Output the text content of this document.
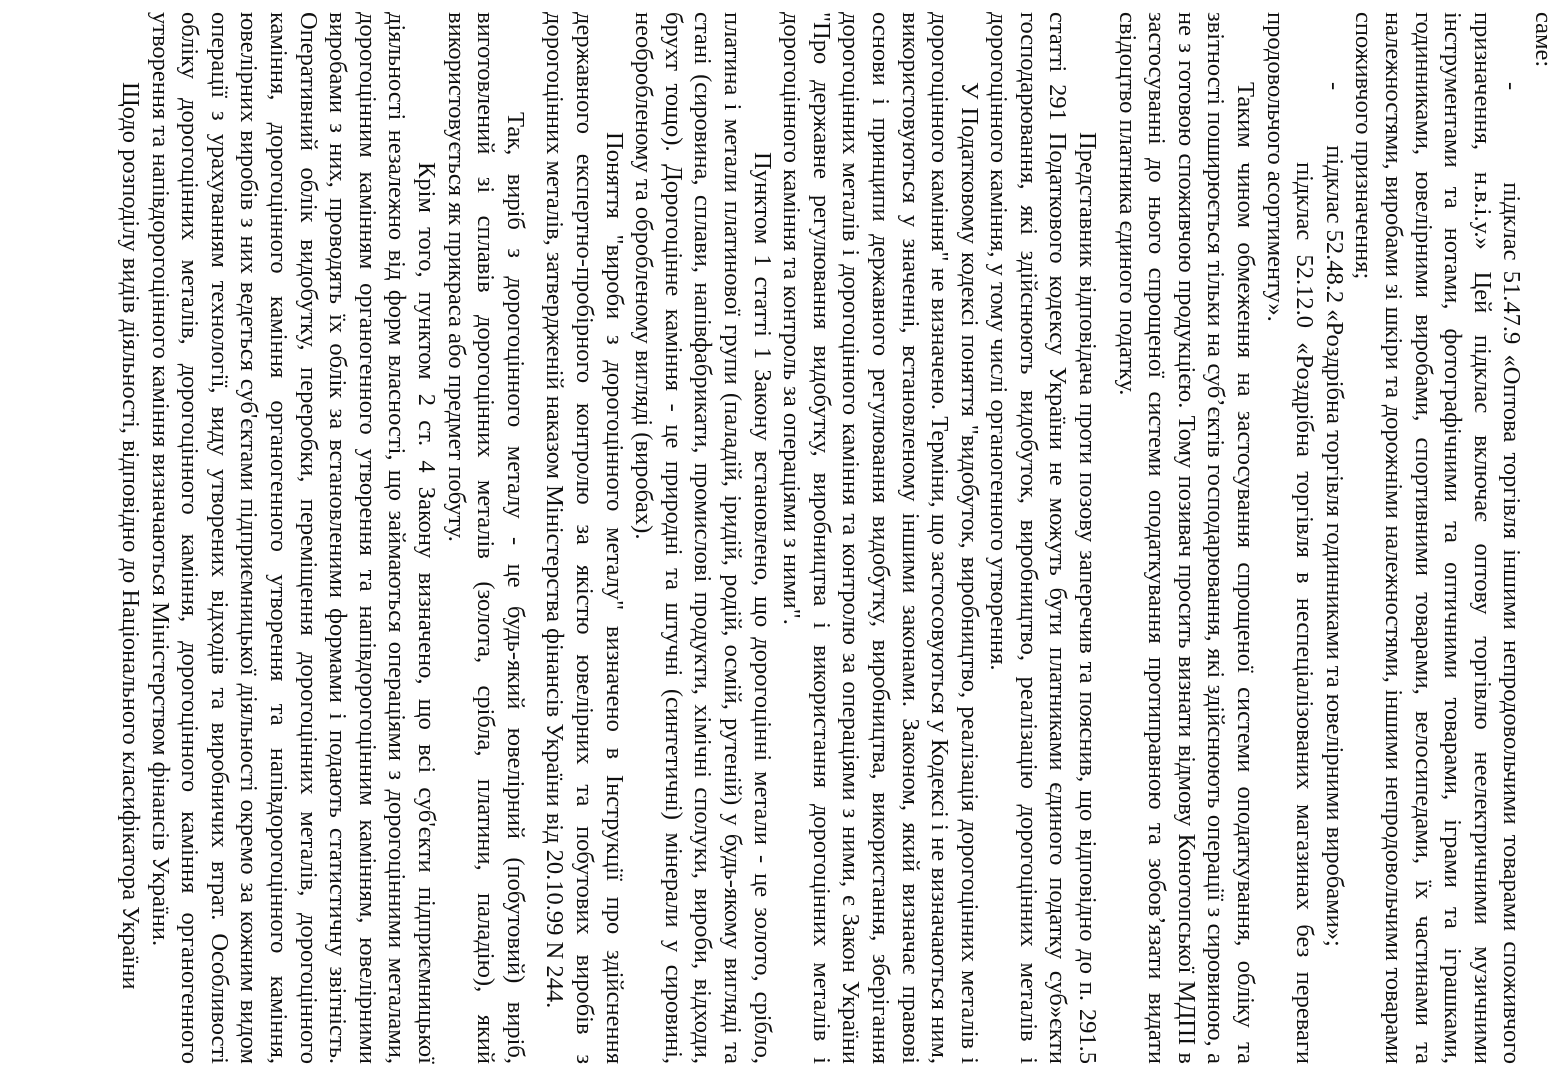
саме:

-         підклас 51.47.9 «Оптова торгівля іншими непродовольчими товарами споживчого призначення, н.в.і.у.» Цей підклас включає оптову торгівлю неелектричними музичними інструментами та нотами, фотографічними та оптичними товарами, іграми та іграшками, годинниками, ювелірними виробами, спортивними товарами, велосипедами, їх частинами та належностями, виробами зі шкіри та дорожніми належностями, іншими непродовольчими товарами споживчого призначення;

-         підклас 52.48.2 «Роздрібна торгівля годинниками та ювелірними виробами»;

підклас 52.12.0 «Роздрібна торгівля в неспеціалізованих магазинах без переваги продовольчого асортименту».

Таким чином обмеження на застосування спрощеної системи оподаткування, обліку та звітності поширюється тільки на суб’єктів господарювання, які здійснюють операції з сировиною, а не з готовою споживчою продукцією. Тому позивач просить визнати відмову Конотопської МДПІ в застосуванні до нього спрощеної системи оподаткування протиправною та зобов’язати видати свідоцтво платника єдиного податку.

Представник відповідача проти позову заперечив та пояснив, що відповідно до п. 291.5 статті 291 Податкового кодексу України не можуть бути платниками єдиного податку суб»єкти господарювання, які здійснюють видобуток, виробництво, реалізацію дорогоцінних металів і дорогоцінного каміння, у тому числі органогенного утворення.

У Податковому кодексі поняття "видобуток, виробництво, реалізація дорогоцінних металів і дорогоцінного каміння" не визначено. Терміни, що застосовуються у Кодексі і не визначаються ним, використовуються у значенні, встановленому іншими законами. Законом, який визначає правові основи і принципи державного регулювання видобутку, виробництва, використання, зберігання дорогоцінних металів і дорогоцінного каміння та контролю за операціями з ними, є Закон України "Про державне регулювання видобутку, виробництва і використання дорогоцінних металів і дорогоцінного каміння та контроль за операціями з ними".

Пунктом 1 статті 1 Закону встановлено, що дорогоцінні метали - це золото, срібло, платина і метали платинової групи (паладій, іридій, родій, осмій, рутеній) у будь-якому вигляді та стані (сировина, сплави, напівфабрикати, промислові продукти, хімічні сполуки, вироби, відходи, брухт тощо). Дорогоцінне каміння - це природні та штучні (синтетичні) мінерали у сировині, необробленому та обробленому вигляді (виробах).

Поняття "вироби з дорогоцінного металу" визначено в Інструкції про здійснення державного експертно-пробірного контролю за якістю ювелірних та побутових виробів з дорогоцінних металів, затвердженій наказом Міністерства фінансів України від 20.10.99 N 244.

Так, виріб з дорогоцінного металу - це будь-який ювелірний (побутовий) виріб, виготовлений зі сплавів дорогоцінних металів (золота, срібла, платини, паладію), який використовується як прикраса або предмет побуту.

Крім того, пунктом 2 ст. 4 Закону визначено, що всі суб'єкти підприємницької діяльності незалежно від форм власності, що займаються операціями з дорогоцінними металами, дорогоцінним камінням органогенного утворення та напівдорогоцінним камінням, ювелірними виробами з них, проводять їх облік за встановленими формами і подають статистичну звітність. Оперативний облік видобутку, переробки, переміщення дорогоцінних металів, дорогоцінного каміння, дорогоцінного каміння органогенного утворення та напівдорогоцінного каміння, ювелірних виробів з них ведеться суб'єктами підприємницької діяльності окремо за кожним видом операції з урахуванням технології, виду утворених відходів та виробничих втрат. Особливості обліку дорогоцінних металів, дорогоцінного каміння, дорогоцінного каміння органогенного утворення та напівдорогоцінного каміння визначаються Міністерством фінансів України.

Щодо розподілу видів діяльності, відповідно до Національного класифікатора України
